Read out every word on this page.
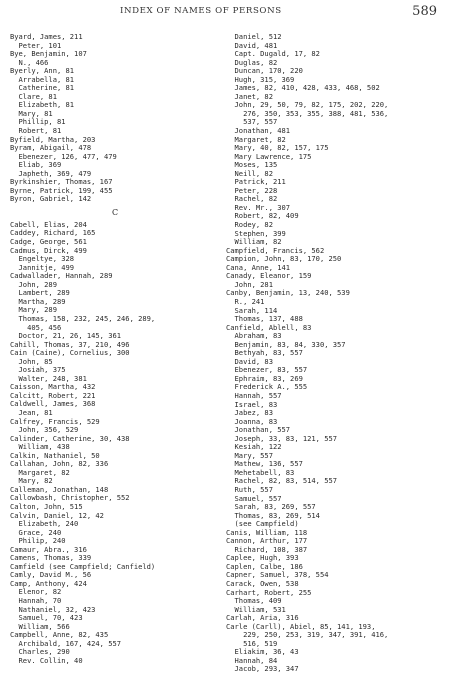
INDEX OF NAMES OF PERSONS	589
Byard, James, 211
Peter, 101
Bye, Benjamin, 107
N., 466
Byerly, Ann, 81
Arrabella, 81
Catherine, 81
Clare, 81
Elizabeth, 81
Mary, 81
Phillip, 81
Robert, 81
Byfield, Martha, 203
Byram, Abigail, 478
Ebenezer, 126, 477, 479
Eliab, 369
Japheth, 369, 479
Byrkinshier, Thomas, 167
Byrne, Patrick, 199, 455
Byron, Gabriel, 142
C
Cabell, Elias, 204
Caddey, Richard, 165
Cadge, George, 561
Cadmus, Dirck, 499
Engeltye, 328
Jannitje, 499
Cadwallader, Hannah, 289
John, 289
Lambert, 289
Martha, 289
Mary, 289
Thomas, 158, 232, 245, 246, 289,
405, 456
Doctor, 21, 26, 145, 361
Cahill, Thomas, 37, 210, 496
Cain (Caine), Cornelius, 300
John, 85
Josiah, 375
Walter, 248, 381
Caisson, Martha, 432
Calcitt, Robert, 221
Caldwell, James, 368
Jean, 81
Calfrey, Francis, 529
John, 356, 529
Calinder, Catherine, 30, 438
William, 438
Calkin, Nathaniel, 50
Callahan, John, 82, 336
Margaret, 82
Mary, 82
Calleman, Jonathan, 148
Callowbash, Christopher, 552
Calton, John, 515
Calvin, Daniel, 12, 42
Elizabeth, 240
Grace, 240
Philip, 240
Camaur, Abra., 316
Camens, Thomas, 339
Camfield (see Campfield; Canfield)
Camly, David M., 56
Camp, Anthony, 424
Elenor, 82
Hannah, 70
Nathaniel, 32, 423
Samuel, 70, 423
William, 566
Campbell, Anne, 82, 435
Archibald, 167, 424, 557
Charles, 290
Rev. Collin, 40
Daniel, 512
David, 481
Capt. Dugald, 17, 82
Duglas, 82
Duncan, 170, 220
Hugh, 315, 369
James, 82, 410, 428, 433, 468, 502
Janet, 82
John, 29, 50, 79, 82, 175, 202, 220,
276, 350, 353, 355, 388, 481, 536,
537, 557
Jonathan, 481
Margaret, 82
Mary, 40, 82, 157, 175
Mary Lawrence, 175
Moses, 135
Neill, 82
Patrick, 211
Peter, 228
Rachel, 82
Rev. Mr., 307
Robert, 82, 409
Rodey, 82
Stephen, 399
William, 82
Campfield, Francis, 562
Campion, John, 83, 170, 250
Cana, Anne, 141
Canady, Eleanor, 159
John, 281
Canby, Benjamin, 13, 240, 539
R., 241
Sarah, 114
Thomas, 137, 488
Canfield, Ablell, 83
Abraham, 83
Benjamin, 83, 84, 330, 357
Bethyah, 83, 557
David, 83
Ebenezer, 83, 557
Ephraim, 83, 269
Frederick A., 555
Hannah, 557
Israel, 83
Jabez, 83
Joanna, 83
Jonathan, 557
Joseph, 33, 83, 121, 557
Kesiah, 122
Mary, 557
Mathew, 136, 557
Mehetabell, 83
Rachel, 82, 83, 514, 557
Ruth, 557
Samuel, 557
Sarah, 83, 269, 557
Thomas, 83, 269, 514
(see Campfield)
Canis, William, 118
Cannon, Arthur, 177
Richard, 108, 387
Caplee, Hugh, 393
Caplen, Calbe, 186
Capner, Samuel, 378, 554
Carack, Owen, 538
Carhart, Robert, 255
Thomas, 409
William, 531
Carlah, Aria, 316
Carle (Carll), Abiel, 85, 141, 193,
229, 250, 253, 319, 347, 391, 416,
516, 519
Eliakim, 36, 43
Hannah, 84
Jacob, 293, 347
